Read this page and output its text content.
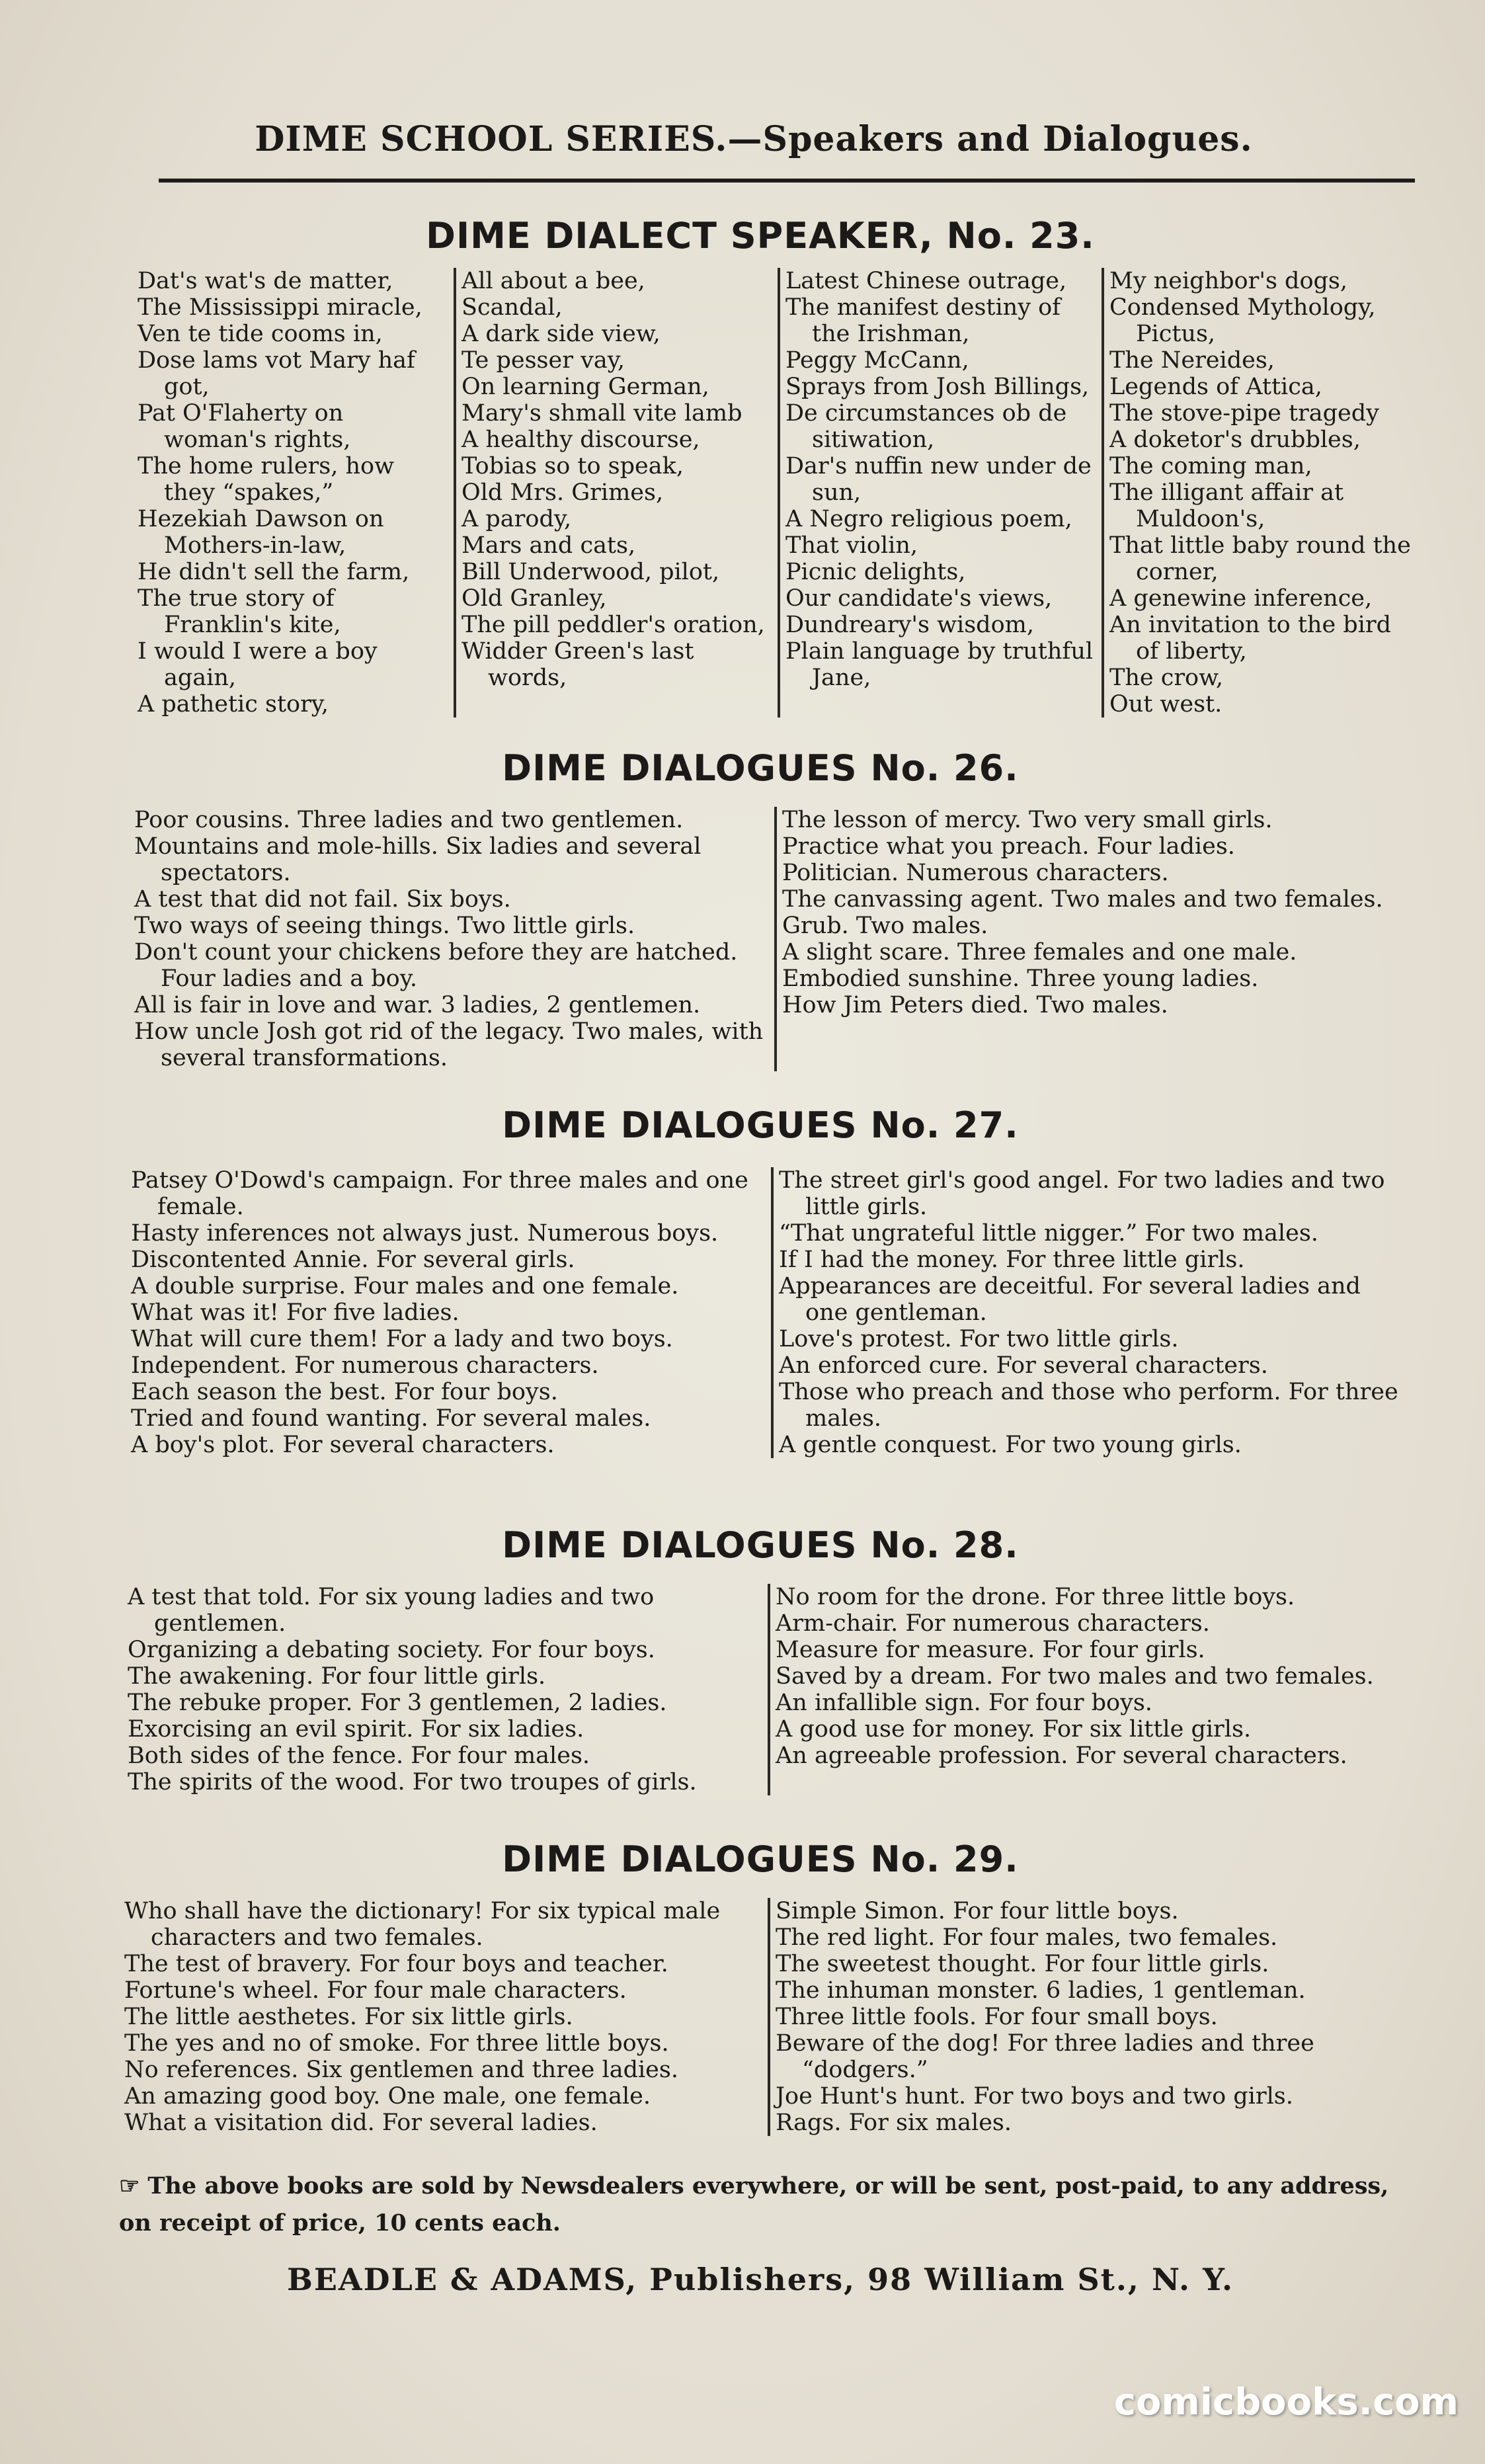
DIME SCHOOL SERIES.—Speakers and Dialogues.
DIME DIALECT SPEAKER, No. 23.

Dat's wat's de matter,

The Mississippi miracle,

Ven te tide cooms in,

Dose lams vot Mary haf got,

Pat O'Flaherty on woman's rights,

The home rulers, how they “spakes,”

Hezekiah Dawson on Mothers-in-law,

He didn't sell the farm,

The true story of Franklin's kite,

I would I were a boy again,

A pathetic story,

All about a bee,

Scandal,

A dark side view,

Te pesser vay,

On learning German,

Mary's shmall vite lamb

A healthy discourse,

Tobias so to speak,

Old Mrs. Grimes,

A parody,

Mars and cats,

Bill Underwood, pilot,

Old Granley,

The pill peddler's oration,

Widder Green's last words,

Latest Chinese outrage,

The manifest destiny of the Irishman,

Peggy McCann,

Sprays from Josh Billings,

De circumstances ob de sitiwation,

Dar's nuffin new under de sun,

A Negro religious poem,

That violin,

Picnic delights,

Our candidate's views,

Dundreary's wisdom,

Plain language by truthful Jane,

My neighbor's dogs,

Condensed Mythology, Pictus,

The Nereides,

Legends of Attica,

The stove-pipe tragedy

A doketor's drubbles,

The coming man,

The illigant affair at Muldoon's,

That little baby round the corner,

A genewine inference,

An invitation to the bird of liberty,

The crow,

Out west.

DIME DIALOGUES No. 26.

Poor cousins. Three ladies and two gentlemen.

Mountains and mole-hills. Six ladies and several spectators.

A test that did not fail. Six boys.

Two ways of seeing things. Two little girls.

Don't count your chickens before they are hatched. Four ladies and a boy.

All is fair in love and war. 3 ladies, 2 gentlemen.

How uncle Josh got rid of the legacy. Two males, with several transformations.

The lesson of mercy. Two very small girls.

Practice what you preach. Four ladies.

Politician. Numerous characters.

The canvassing agent. Two males and two females.

Grub. Two males.

A slight scare. Three females and one male.

Embodied sunshine. Three young ladies.

How Jim Peters died. Two males.

DIME DIALOGUES No. 27.

Patsey O'Dowd's campaign. For three males and one female.

Hasty inferences not always just. Numerous boys.

Discontented Annie. For several girls.

A double surprise. Four males and one female.

What was it! For five ladies.

What will cure them! For a lady and two boys.

Independent. For numerous characters.

Each season the best. For four boys.

Tried and found wanting. For several males.

A boy's plot. For several characters.

The street girl's good angel. For two ladies and two little girls.

“That ungrateful little nigger.” For two males.

If I had the money. For three little girls.

Appearances are deceitful. For several ladies and one gentleman.

Love's protest. For two little girls.

An enforced cure. For several characters.

Those who preach and those who perform. For three males.

A gentle conquest. For two young girls.

DIME DIALOGUES No. 28.

A test that told. For six young ladies and two gentlemen.

Organizing a debating society. For four boys.

The awakening. For four little girls.

The rebuke proper. For 3 gentlemen, 2 ladies.

Exorcising an evil spirit. For six ladies.

Both sides of the fence. For four males.

The spirits of the wood. For two troupes of girls.

No room for the drone. For three little boys.

Arm-chair. For numerous characters.

Measure for measure. For four girls.

Saved by a dream. For two males and two females.

An infallible sign. For four boys.

A good use for money. For six little girls.

An agreeable profession. For several characters.

DIME DIALOGUES No. 29.

Who shall have the dictionary! For six typical male characters and two females.

The test of bravery. For four boys and teacher.

Fortune's wheel. For four male characters.

The little aesthetes. For six little girls.

The yes and no of smoke. For three little boys.

No references. Six gentlemen and three ladies.

An amazing good boy. One male, one female.

What a visitation did. For several ladies.

Simple Simon. For four little boys.

The red light. For four males, two females.

The sweetest thought. For four little girls.

The inhuman monster. 6 ladies, 1 gentleman.

Three little fools. For four small boys.

Beware of the dog! For three ladies and three “dodgers.”

Joe Hunt's hunt. For two boys and two girls.

Rags. For six males.

☞ The above books are sold by Newsdealers everywhere, or will be sent, post-paid, to any address, on receipt of price, 10 cents each.
BEADLE & ADAMS, Publishers, 98 William St., N. Y.
comicbooks.com
